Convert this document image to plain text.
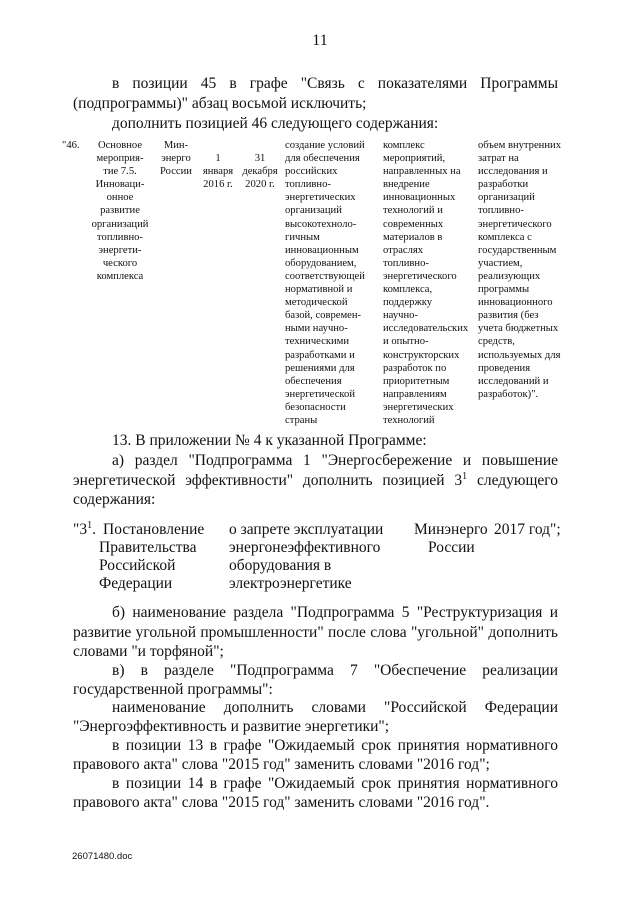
11
в позиции 45 в графе "Связь с показателями Программы
(подпрограммы)" абзац восьмой исключить;
дополнить позицией 46 следующего содержания:
"46.	Основное
мероприя-
тие 7.5.
Инноваци-
онное
развитие
организаций
топливно-
энергети-
ческого
комплекса
Мин-
энерго
России

1

января
2016 г.

31

декабря
2020 г.

создание условий
для обеспечения
российских
топливно-
энергетических
организаций
высокотехноло-
гичным
инновационным
оборудованием,
соответствующей
нормативной и
методической
базой, современ-
ными научно-
техническими
разработками и
решениями для
обеспечения
энергетической
безопасности
страны
комплекс
мероприятий,
направленных на
внедрение
инновационных
технологий и
современных
материалов в
отраслях
топливно-
энергетического
комплекса,
поддержку
научно-
исследовательских
и опытно-
конструкторских
разработок по
приоритетным
направлениям
энергетических
технологий
объем внутренних
затрат на
исследования и
разработки
организаций
топливно-
энергетического
комплекса с
государственным
участием,
реализующих
программы
инновационного
развития (без
учета бюджетных
средств,
используемых для
проведения
исследований и
разработок)".
13. В приложении № 4 к указанной Программе:
а) раздел "Подпрограмма 1 "Энергосбережение и повышение
энергетической эффективности" дополнить позицией $3^1$ следующего
содержания:
"$3^1$. Постановление
Правительства
Российской
Федерации
о запрете эксплуатации
энергонеэффективного
оборудования в
электроэнергетике
Минэнерго
России
2017 год";
б) наименование раздела "Подпрограмма 5 "Реструктуризация и
развитие угольной промышленности" после слова "угольной" дополнить
словами "и торфяной";
в) в разделе "Подпрограмма 7 "Обеспечение реализации
государственной программы":
наименование дополнить словами "Российской Федерации
"Энергоэффективность и развитие энергетики";
в позиции 13 в графе "Ожидаемый срок принятия нормативного
правового акта" слова "2015 год" заменить словами "2016 год";
в позиции 14 в графе "Ожидаемый срок принятия нормативного
правового акта" слова "2015 год" заменить словами "2016 год".
26071480.doc
